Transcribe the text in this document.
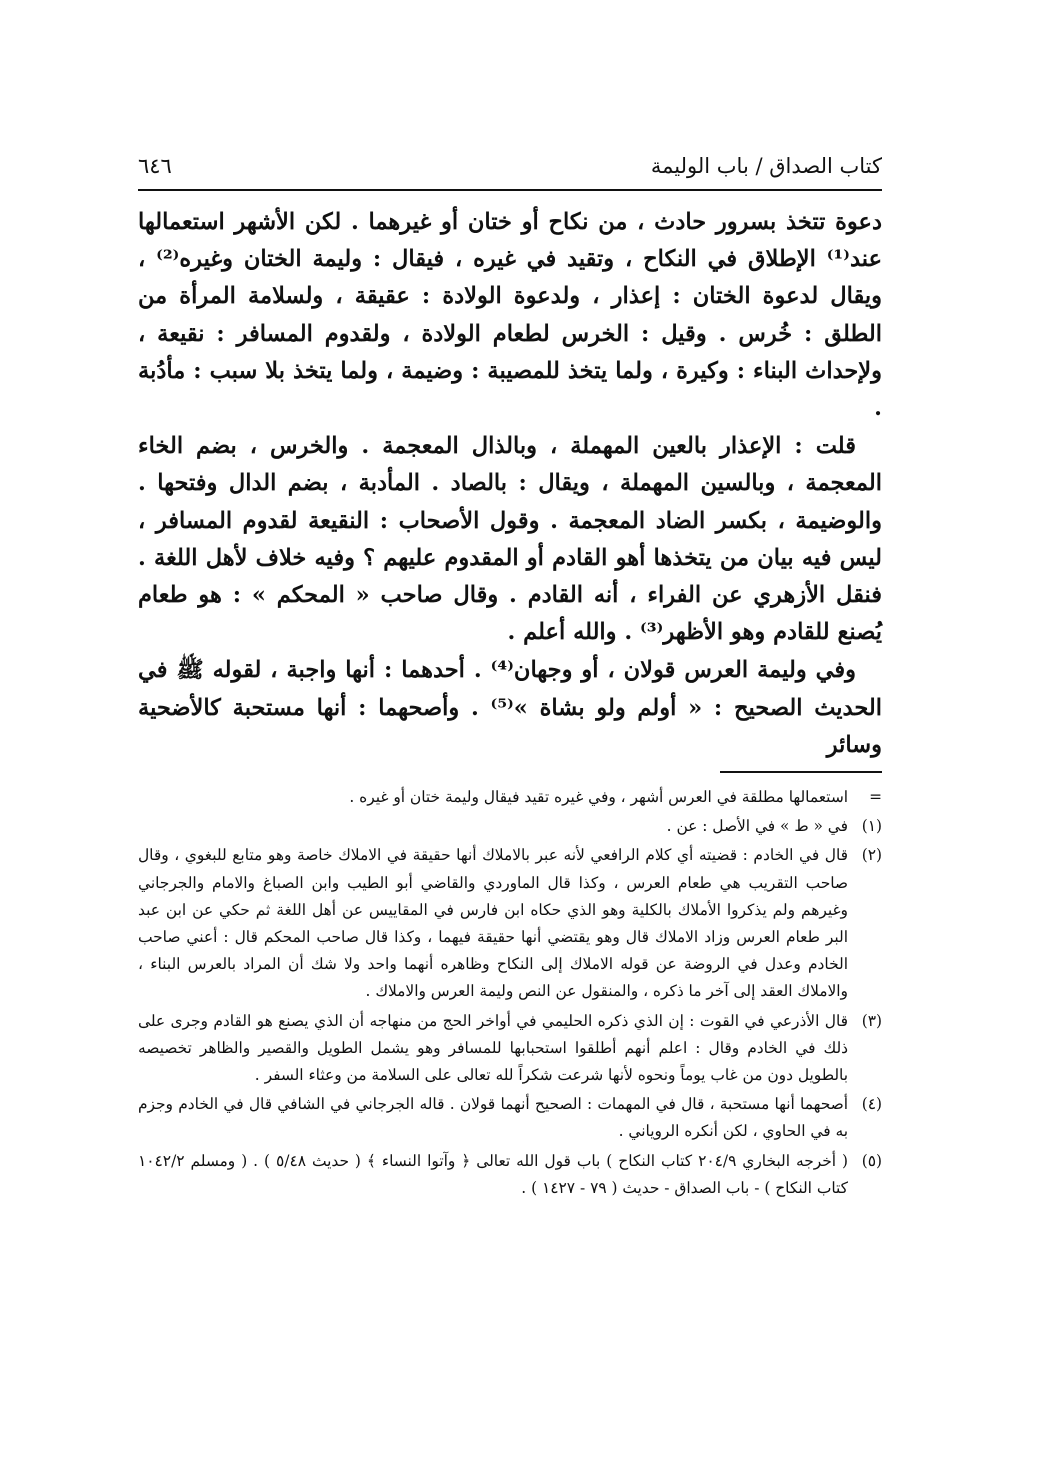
كتاب الصداق / باب الوليمة
٦٤٦

دعوة تتخذ بسرور حادث ، من نكاح أو ختان أو غيرهما . لكن الأشهر استعمالها عند⁽¹⁾ الإطلاق في النكاح ، وتقيد في غيره ، فيقال : وليمة الختان وغيره⁽²⁾ ، ويقال لدعوة الختان : إعذار ، ولدعوة الولادة : عقيقة ، ولسلامة المرأة من الطلق : خُرس . وقيل : الخرس لطعام الولادة ، ولقدوم المسافر : نقيعة ، ولإحداث البناء : وكيرة ، ولما يتخذ للمصيبة : وضيمة ، ولما يتخذ بلا سبب : مأدُبة .

قلت : الإعذار بالعين المهملة ، وبالذال المعجمة . والخرس ، بضم الخاء المعجمة ، وبالسين المهملة ، ويقال : بالصاد . المأدبة ، بضم الدال وفتحها . والوضيمة ، بكسر الضاد المعجمة . وقول الأصحاب : النقيعة لقدوم المسافر ، ليس فيه بيان من يتخذها أهو القادم أو المقدوم عليهم ؟ وفيه خلاف لأهل اللغة . فنقل الأزهري عن الفراء ، أنه القادم . وقال صاحب « المحكم » : هو طعام يُصنع للقادم وهو الأظهر⁽³⁾ . والله أعلم .

وفي وليمة العرس قولان ، أو وجهان⁽⁴⁾ . أحدهما : أنها واجبة ، لقوله ﷺ في الحديث الصحيح : « أولم ولو بشاة »⁽⁵⁾ . وأصحهما : أنها مستحبة كالأضحية وسائر

=
استعمالها مطلقة في العرس أشهر ، وفي غيره تقيد فيقال وليمة ختان أو غيره .
(١)
في « ط » في الأصل : عن .
(٢)
قال في الخادم : قضيته أي كلام الرافعي لأنه عبر بالاملاك أنها حقيقة في الاملاك خاصة وهو متابع للبغوي ، وقال صاحب التقريب هي طعام العرس ، وكذا قال الماوردي والقاضي أبو الطيب وابن الصباغ والامام والجرجاني وغيرهم ولم يذكروا الأملاك بالكلية وهو الذي حكاه ابن فارس في المقاييس عن أهل اللغة ثم حكي عن ابن عبد البر طعام العرس وزاد الاملاك قال وهو يقتضي أنها حقيقة فيهما ، وكذا قال صاحب المحكم قال : أعني صاحب الخادم وعدل في الروضة عن قوله الاملاك إلى النكاح وظاهره أنهما واحد ولا شك أن المراد بالعرس البناء ، والاملاك العقد إلى آخر ما ذكره ، والمنقول عن النص وليمة العرس والاملاك .
(٣)
قال الأذرعي في القوت : إن الذي ذكره الحليمي في أواخر الحج من منهاجه أن الذي يصنع هو القادم وجرى على ذلك في الخادم وقال : اعلم أنهم أطلقوا استحبابها للمسافر وهو يشمل الطويل والقصير والظاهر تخصيصه بالطويل دون من غاب يوماً ونحوه لأنها شرعت شكراً لله تعالى على السلامة من وعثاء السفر .
(٤)
أصحهما أنها مستحبة ، قال في المهمات : الصحيح أنهما قولان . قاله الجرجاني في الشافي قال في الخادم وجزم به في الحاوي ، لكن أنكره الروياني .
(٥)
( أخرجه البخاري ٢٠٤/٩ كتاب النكاح ) باب قول الله تعالى ﴿ وآتوا النساء ﴾ ( حديث ٥/٤٨ ) . ( ومسلم ١٠٤٢/٢ كتاب النكاح ) - باب الصداق - حديث ( ٧٩ - ١٤٢٧ ) .
